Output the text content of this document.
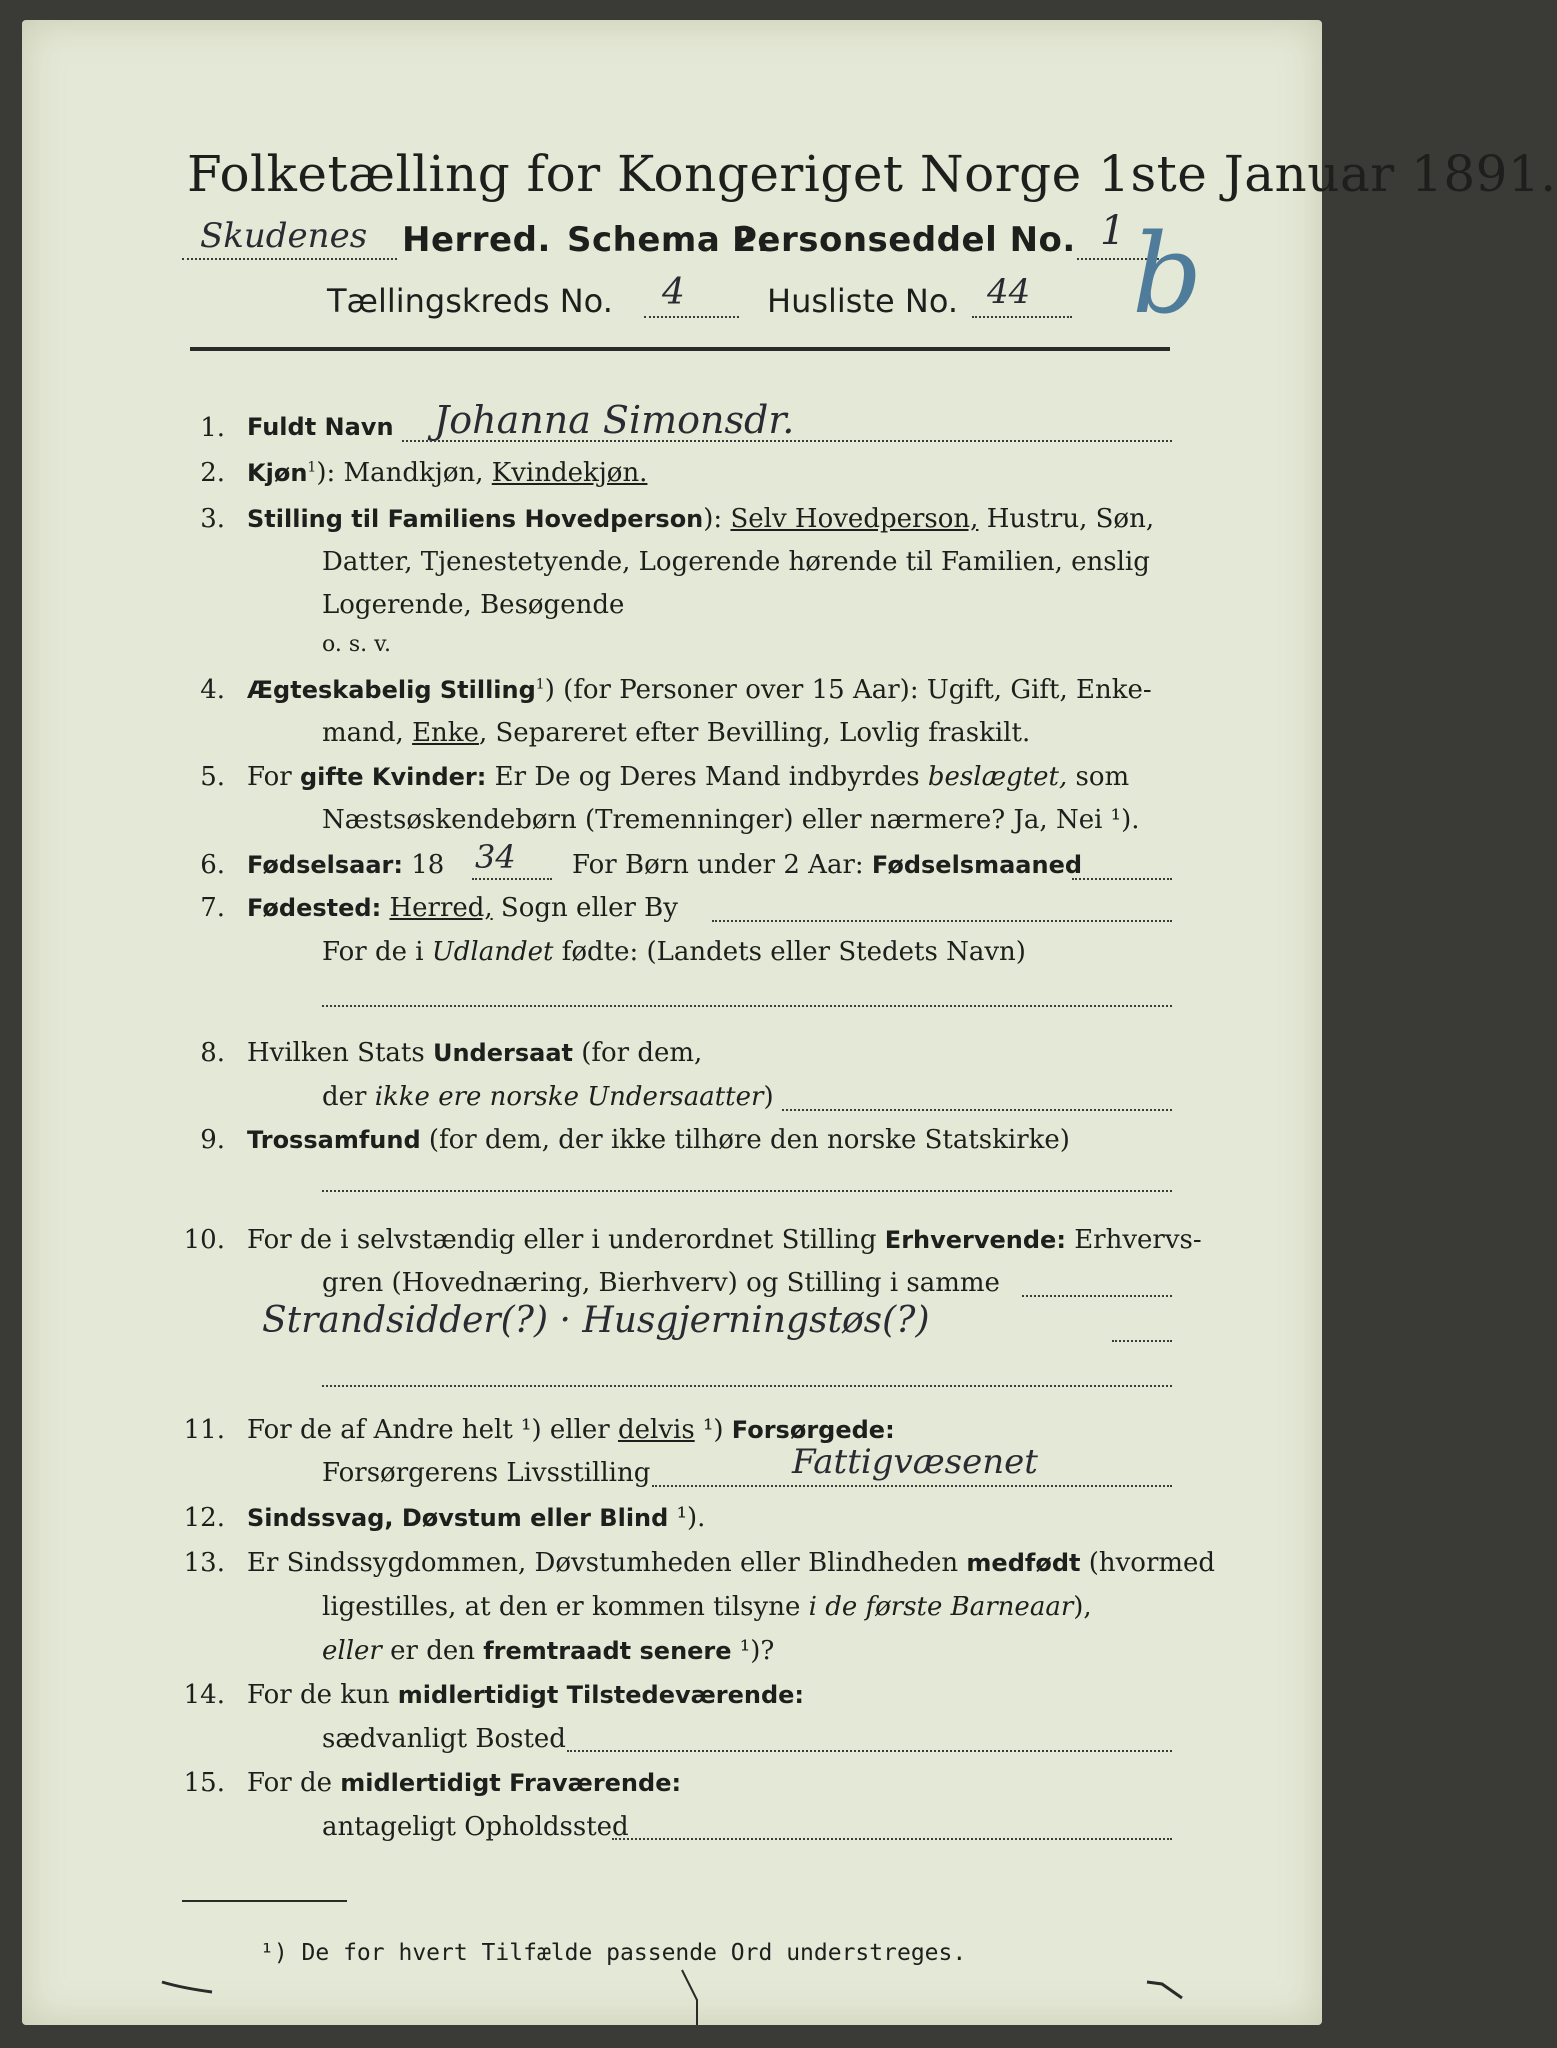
Folketælling for Kongeriget Norge 1ste Januar 1891.
Skudenes Herred. Schema 2.
Personseddel No. 1
Tællingskreds No. 4	Husliste No. 44 b
1. Fuldt Navn Johanna Simonsdr.
2. Kjøn$^1$): Mandkjøn, Kvindekjøn.
3. Stilling til Familiens Hovedperson): Selv Hovedperson, Hustru, Søn,
Datter, Tjenestetyende, Logerende hørende til Familien, enslig
Logerende, Besøgende
o. s. v.
4. Ægteskabelig Stilling$^1$) (for Personer over 15 Aar): Ugift, Gift, Enke-
mand, Enke, Separeret efter Bevilling, Lovlig fraskilt.
5. For gifte Kvinder: Er De og Deres Mand indbyrdes beslægtet, som
Næstsøskendebørn (Tremenninger) eller nærmere? Ja, Nei ¹).
6. Fødselsaar: 18 34 For Børn under 2 Aar: Fødselsmaaned
7. Fødested: Herred, Sogn eller By
For de i Udlandet fødte: (Landets eller Stedets Navn)
8. Hvilken Stats Undersaat (for dem,
der ikke ere norske Undersaatter)
9. Trossamfund (for dem, der ikke tilhøre den norske Statskirke)
10. For de i selvstændig eller i underordnet Stilling Erhvervende: Erhvervs-
gren (Hovednæring, Bierhverv) og Stilling i samme
Strandsidder(?) · Husgjerningstøs(?)
11. For de af Andre helt ¹) eller delvis ¹) Forsørgede:
Forsørgerens Livsstilling	Fattigvæsenet
12. Sindssvag, Døvstum eller Blind ¹).
13. Er Sindssygdommen, Døvstumheden eller Blindheden medfødt (hvormed
ligestilles, at den er kommen tilsyne i de første Barneaar),
eller er den fremtraadt senere ¹)?
14. For de kun midlertidigt Tilstedeværende:
sædvanligt Bosted
15. For de midlertidigt Fraværende:
antageligt Opholdssted
¹) De for hvert Tilfælde passende Ord understreges.
